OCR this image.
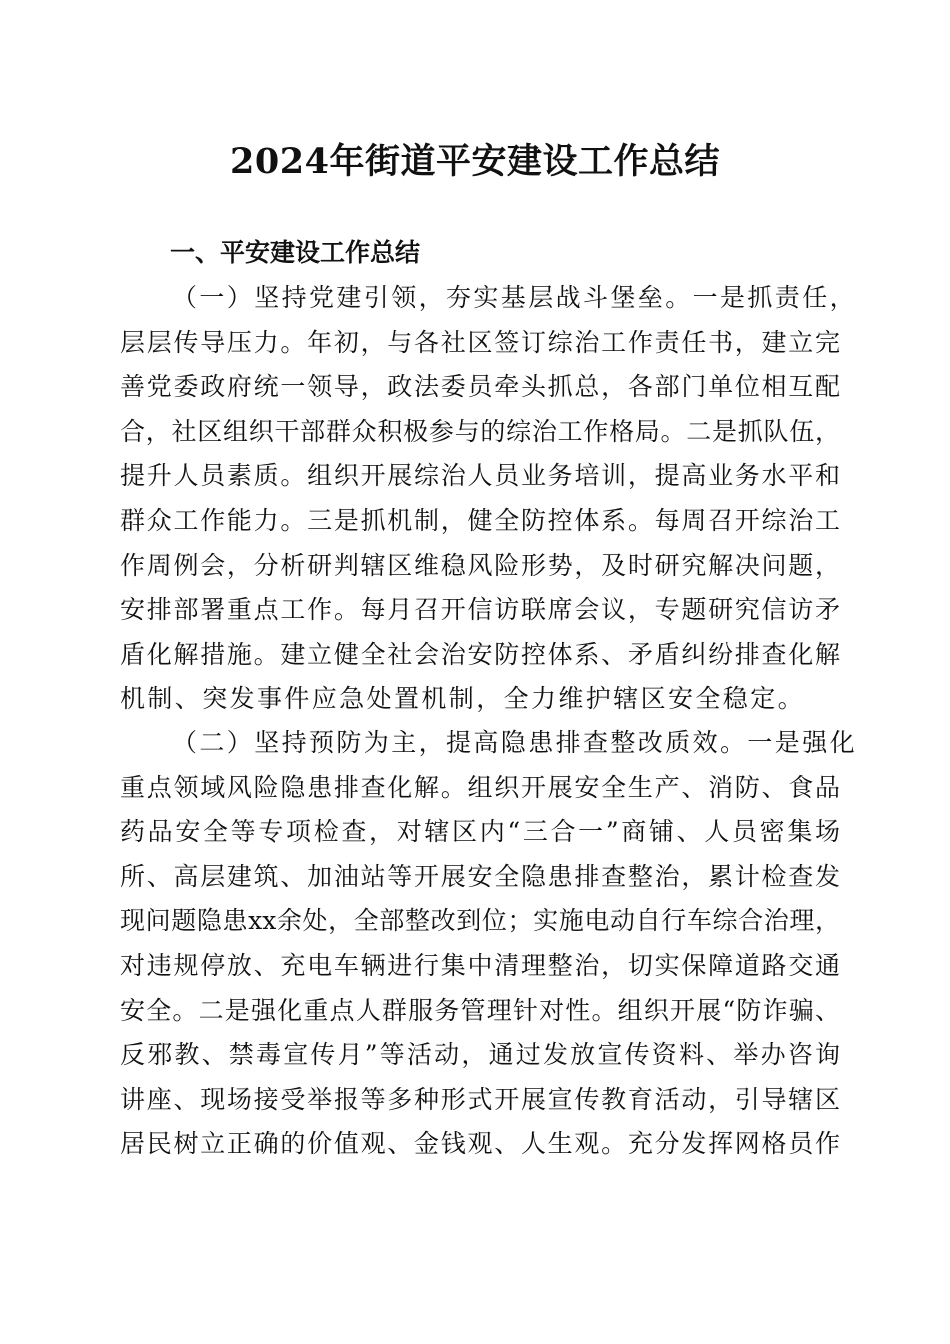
2024年街道平安建设工作总结
一、平安建设工作总结
（一）坚持党建引领，夯实基层战斗堡垒。一是抓责任，
层层传导压力。年初，与各社区签订综治工作责任书，建立完
善党委政府统一领导，政法委员牵头抓总，各部门单位相互配
合，社区组织干部群众积极参与的综治工作格局。二是抓队伍，
提升人员素质。组织开展综治人员业务培训，提高业务水平和
群众工作能力。三是抓机制，健全防控体系。每周召开综治工
作周例会，分析研判辖区维稳风险形势，及时研究解决问题，
安排部署重点工作。每月召开信访联席会议，专题研究信访矛
盾化解措施。建立健全社会治安防控体系、矛盾纠纷排查化解
机制、突发事件应急处置机制，全力维护辖区安全稳定。
（二）坚持预防为主，提高隐患排查整改质效。一是强化
重点领域风险隐患排查化解。组织开展安全生产、消防、食品
药品安全等专项检查，对辖区内“三合一”商铺、人员密集场
所、高层建筑、加油站等开展安全隐患排查整治，累计检查发
现问题隐患xx余处，全部整改到位；实施电动自行车综合治理，
对违规停放、充电车辆进行集中清理整治，切实保障道路交通
安全。二是强化重点人群服务管理针对性。组织开展“防诈骗、
反邪教、禁毒宣传月”等活动，通过发放宣传资料、举办咨询
讲座、现场接受举报等多种形式开展宣传教育活动，引导辖区
居民树立正确的价值观、金钱观、人生观。充分发挥网格员作
